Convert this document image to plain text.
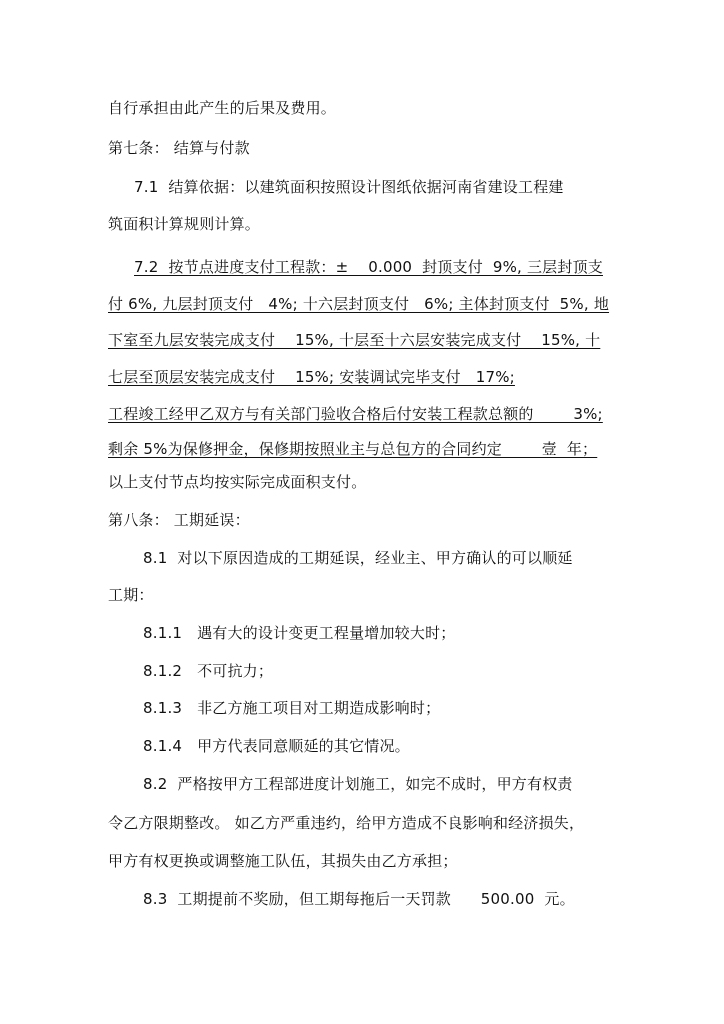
自行承担由此产生的后果及费用。
第七条： 结算与付款
7.1  结算依据：以建筑面积按照设计图纸依据河南省建设工程建
筑面积计算规则计算。
7.2  按节点进度支付工程款：±    0.000  封顶支付  9%, 三层封顶支
付 6%, 九层封顶支付   4%; 十六层封顶支付   6%; 主体封顶支付  5%, 地
下室至九层安装完成支付    15%, 十层至十六层安装完成支付    15%, 十
七层至顶层安装完成支付    15%; 安装调试完毕支付   17%;
工程竣工经甲乙双方与有关部门验收合格后付安装工程款总额的        3%;
剩余 5%为保修押金，保修期按照业主与总包方的合同约定        壹  年；
以上支付节点均按实际完成面积支付。
第八条： 工期延误：
8.1  对以下原因造成的工期延误，经业主、甲方确认的可以顺延
工期：
8.1.1   遇有大的设计变更工程量增加较大时；
8.1.2   不可抗力；
8.1.3   非乙方施工项目对工期造成影响时；
8.1.4   甲方代表同意顺延的其它情况。
8.2  严格按甲方工程部进度计划施工，如完不成时，甲方有权责
令乙方限期整改。 如乙方严重违约，给甲方造成不良影响和经济损失，
甲方有权更换或调整施工队伍，其损失由乙方承担；
8.3  工期提前不奖励，但工期每拖后一天罚款      500.00  元。
